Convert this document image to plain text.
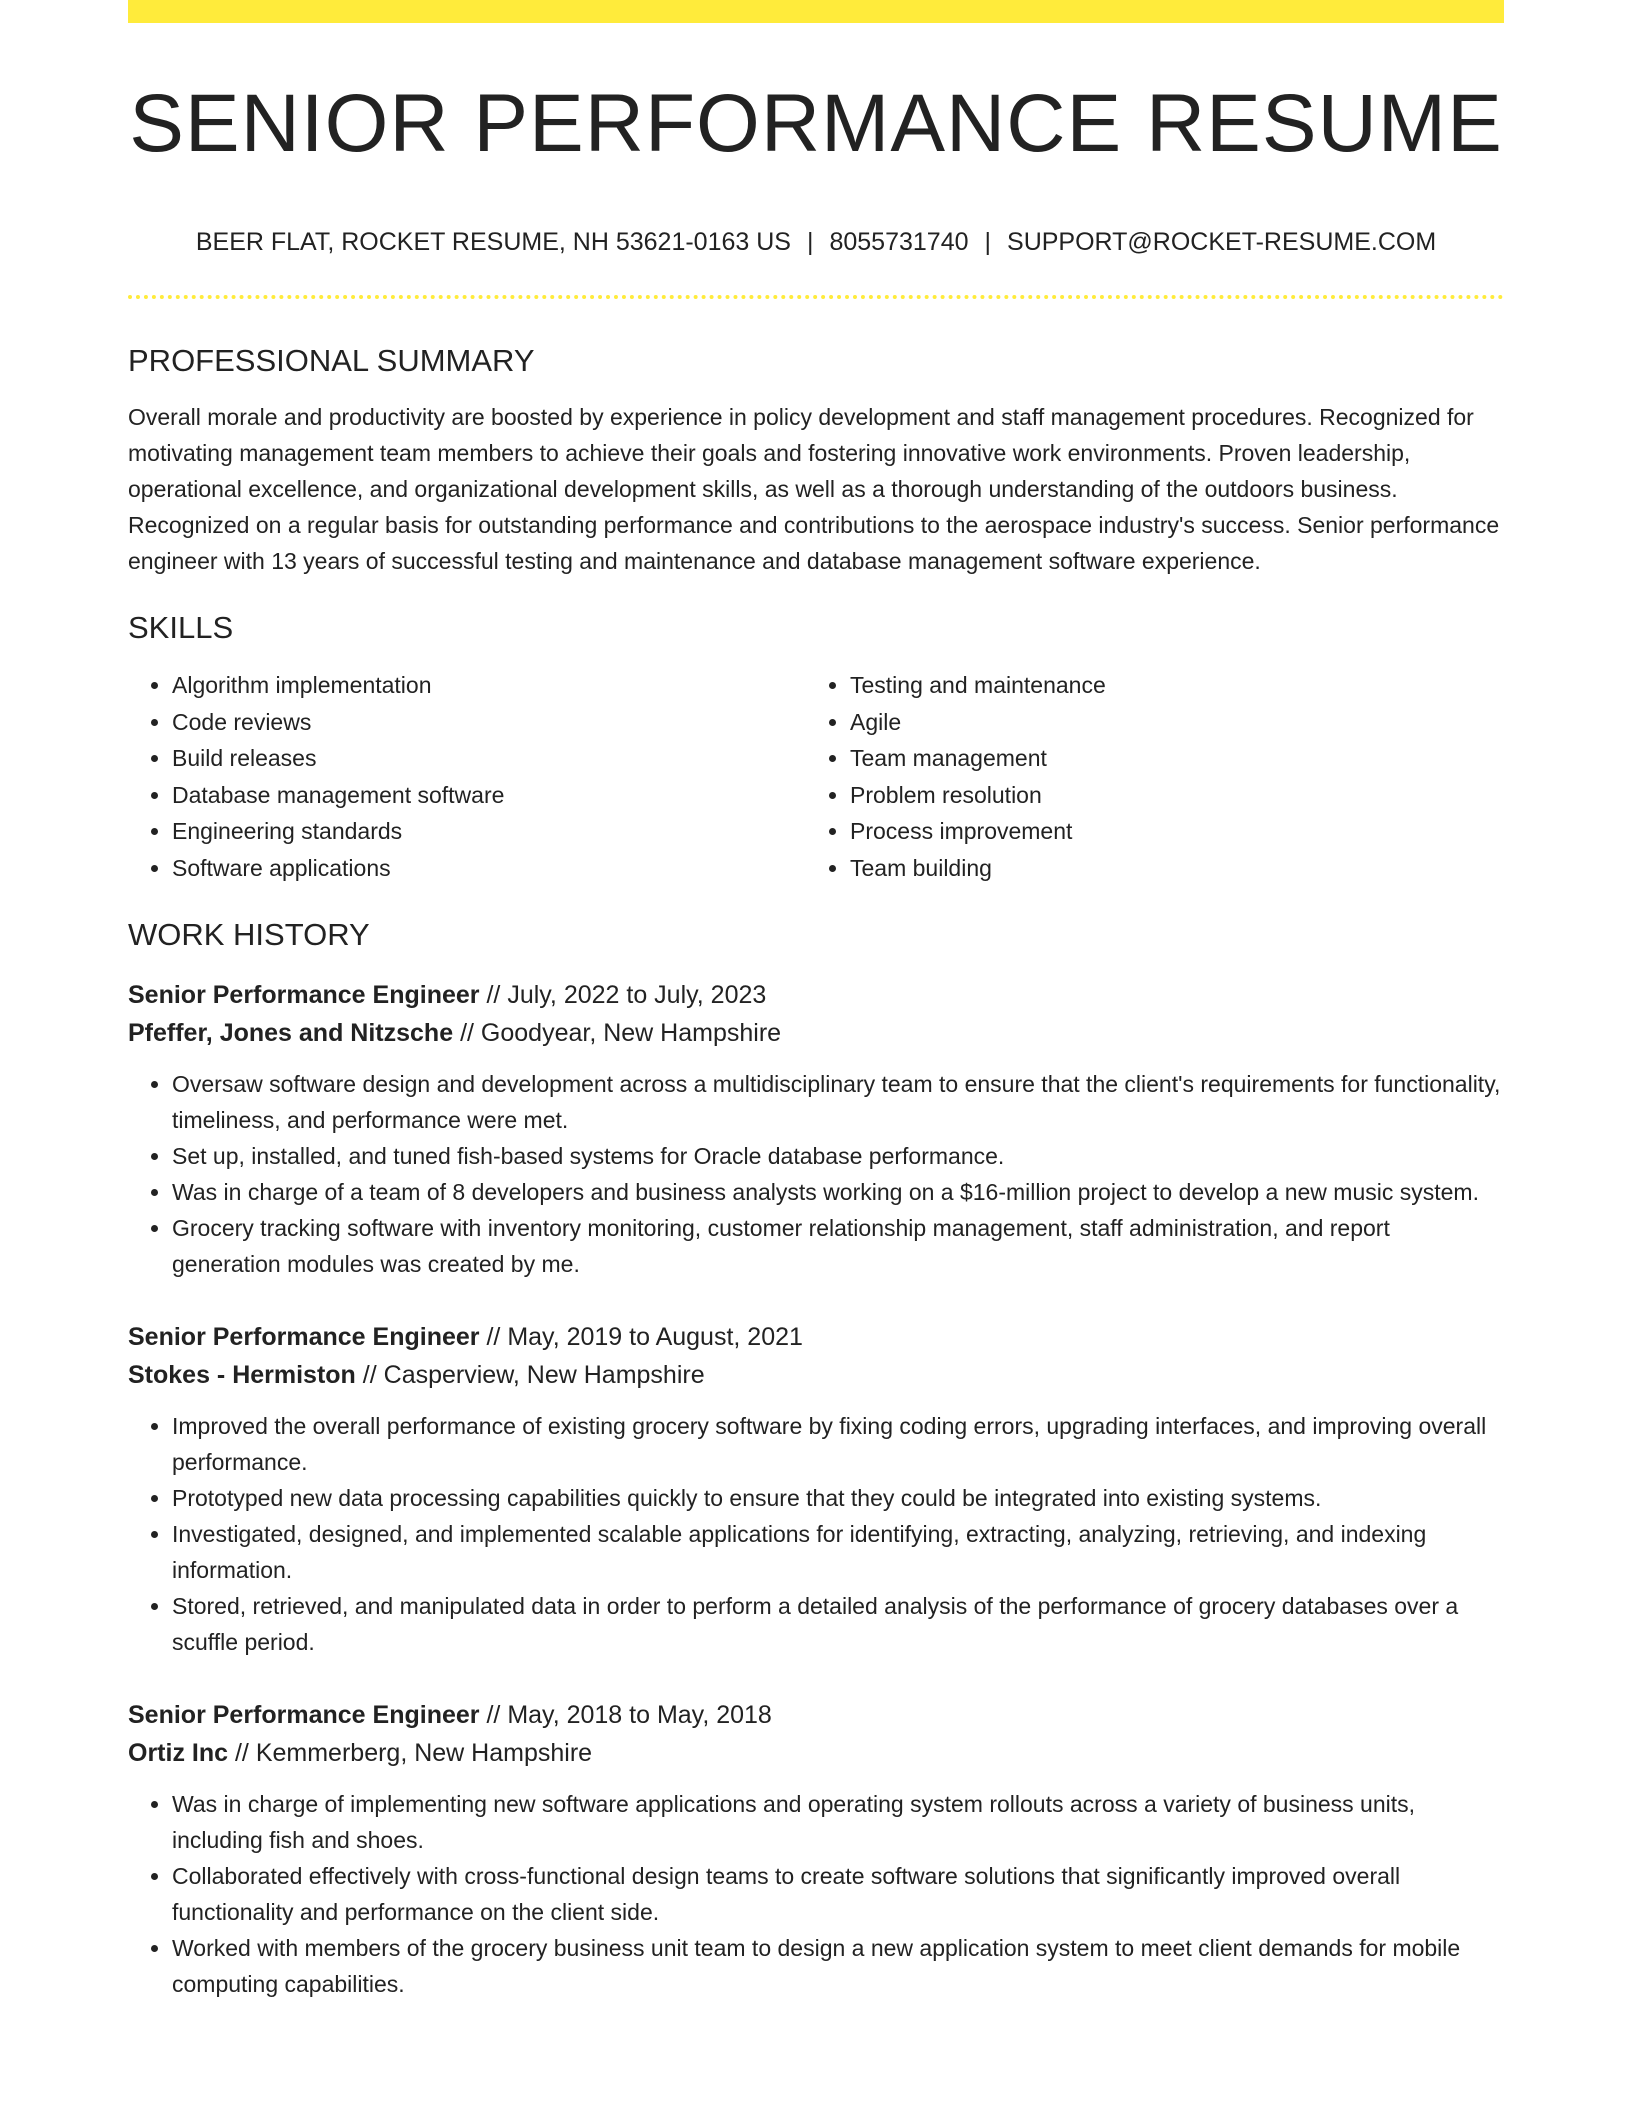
SENIOR PERFORMANCE RESUME
BEER FLAT, ROCKET RESUME, NH 53621-0163 US | 8055731740 | SUPPORT@ROCKET-RESUME.COM
PROFESSIONAL SUMMARY
Overall morale and productivity are boosted by experience in policy development and staff management procedures. Recognized for motivating management team members to achieve their goals and fostering innovative work environments. Proven leadership, operational excellence, and organizational development skills, as well as a thorough understanding of the outdoors business. Recognized on a regular basis for outstanding performance and contributions to the aerospace industry's success. Senior performance engineer with 13 years of successful testing and maintenance and database management software experience.
SKILLS
• Algorithm implementation
• Code reviews
• Build releases
• Database management software
• Engineering standards
• Software applications
• Testing and maintenance
• Agile
• Team management
• Problem resolution
• Process improvement
• Team building
WORK HISTORY
Senior Performance Engineer // July, 2022 to July, 2023
Pfeffer, Jones and Nitzsche // Goodyear, New Hampshire
• Oversaw software design and development across a multidisciplinary team to ensure that the client's requirements for functionality, timeliness, and performance were met.
• Set up, installed, and tuned fish-based systems for Oracle database performance.
• Was in charge of a team of 8 developers and business analysts working on a $16-million project to develop a new music system.
• Grocery tracking software with inventory monitoring, customer relationship management, staff administration, and report generation modules was created by me.
Senior Performance Engineer // May, 2019 to August, 2021
Stokes - Hermiston // Casperview, New Hampshire
• Improved the overall performance of existing grocery software by fixing coding errors, upgrading interfaces, and improving overall performance.
• Prototyped new data processing capabilities quickly to ensure that they could be integrated into existing systems.
• Investigated, designed, and implemented scalable applications for identifying, extracting, analyzing, retrieving, and indexing information.
• Stored, retrieved, and manipulated data in order to perform a detailed analysis of the performance of grocery databases over a scuffle period.
Senior Performance Engineer // May, 2018 to May, 2018
Ortiz Inc // Kemmerberg, New Hampshire
• Was in charge of implementing new software applications and operating system rollouts across a variety of business units, including fish and shoes.
• Collaborated effectively with cross-functional design teams to create software solutions that significantly improved overall functionality and performance on the client side.
• Worked with members of the grocery business unit team to design a new application system to meet client demands for mobile computing capabilities.
